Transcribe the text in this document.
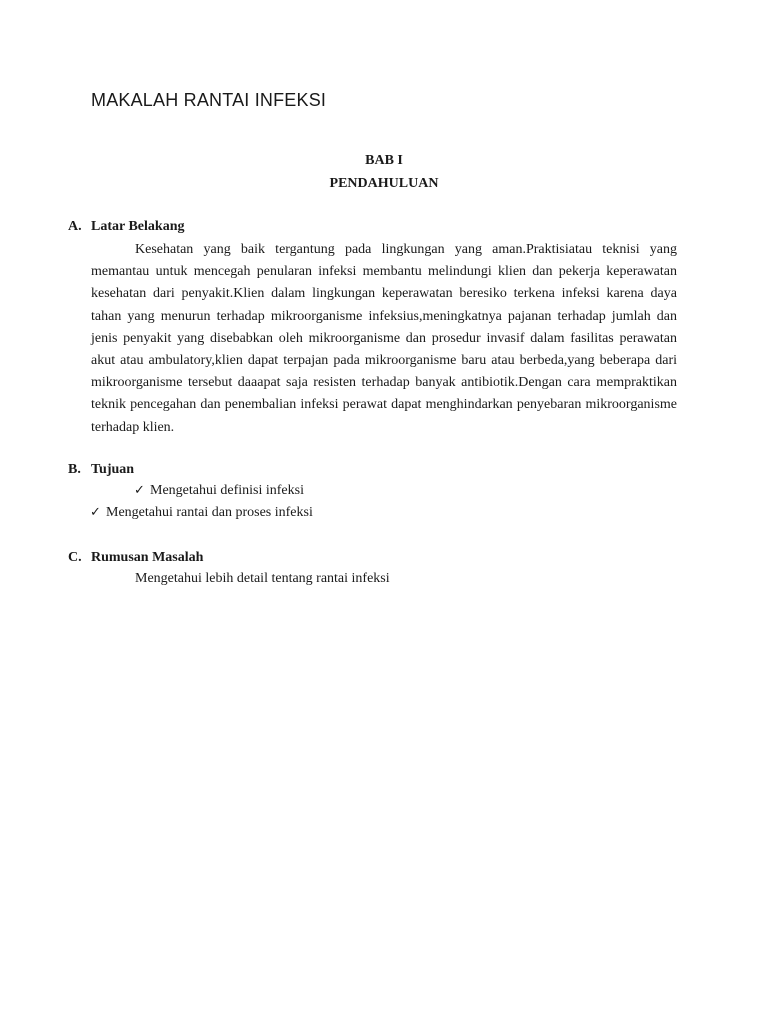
MAKALAH RANTAI INFEKSI

BAB I

PENDAHULUAN

A. Latar Belakang

Kesehatan yang baik tergantung pada lingkungan yang aman.Praktisiatau teknisi yang memantau untuk mencegah penularan infeksi membantu melindungi klien dan pekerja keperawatan kesehatan dari penyakit.Klien dalam lingkungan keperawatan beresiko terkena infeksi karena daya tahan yang menurun terhadap mikroorganisme infeksius,meningkatnya pajanan terhadap jumlah dan jenis penyakit yang disebabkan oleh mikroorganisme dan prosedur invasif dalam fasilitas perawatan akut atau ambulatory,klien dapat terpajan pada mikroorganisme baru atau berbeda,yang beberapa dari mikroorganisme tersebut daaapat saja resisten terhadap banyak antibiotik.Dengan cara mempraktikan teknik pencegahan dan penembalian infeksi perawat dapat menghindarkan penyebaran mikroorganisme terhadap klien.

B. Tujuan

✓ Mengetahui definisi infeksi

✓ Mengetahui rantai dan proses infeksi

C. Rumusan Masalah

Mengetahui lebih detail tentang rantai infeksi
